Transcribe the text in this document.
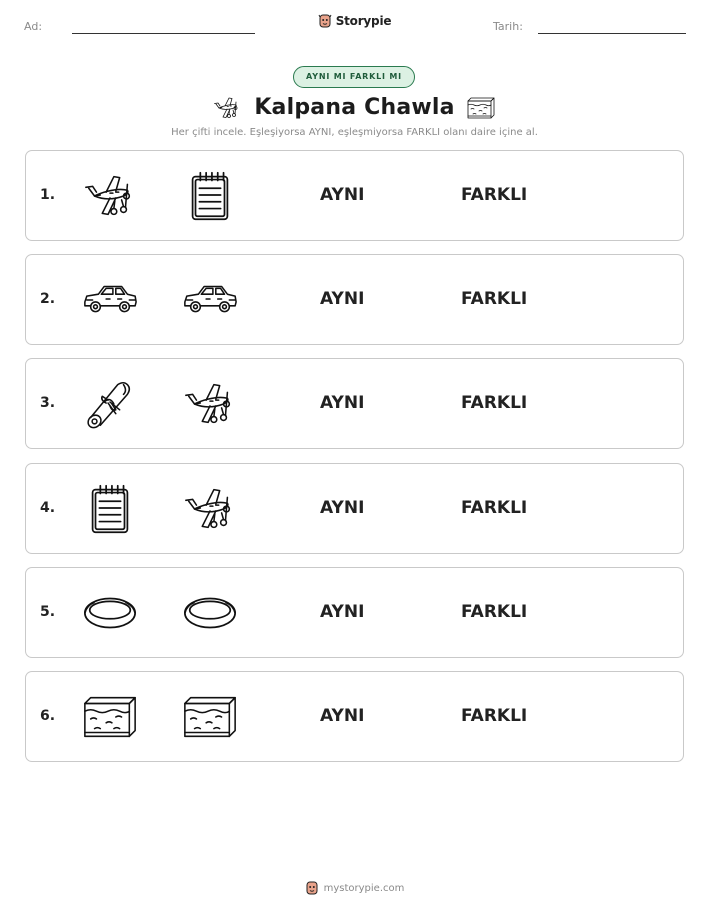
Ad:	Storypie	Tarih:
AYNI MI FARKLI MI
Kalpana Chawla
Her çifti incele. Eşleşiyorsa AYNI, eşleşmiyorsa FARKLI olanı daire içine al.
1.	AYNI	FARKLI
2.	AYNI	FARKLI
3.	AYNI	FARKLI
4.	AYNI	FARKLI
5.	AYNI	FARKLI
6.	AYNI	FARKLI
mystorypie.com
